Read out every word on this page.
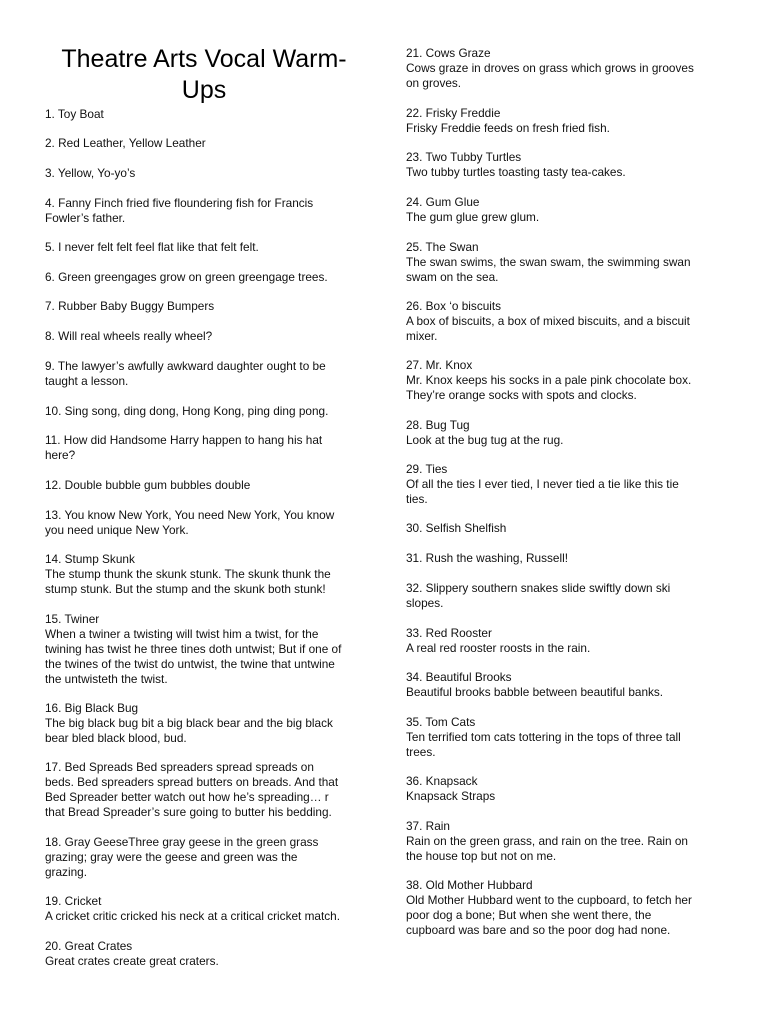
Theatre Arts Vocal Warm-Ups
1. Toy Boat
2. Red Leather, Yellow Leather
3. Yellow, Yo-yo’s
4. Fanny Finch fried five floundering fish for Francis
Fowler’s father.
5. I never felt felt feel flat like that felt felt.
6. Green greengages grow on green greengage trees.
7. Rubber Baby Buggy Bumpers
8. Will real wheels really wheel?
9. The lawyer’s awfully awkward daughter ought to be
taught a lesson.
10. Sing song, ding dong, Hong Kong, ping ding pong.
11. How did Handsome Harry happen to hang his hat
here?
12. Double bubble gum bubbles double
13. You know New York, You need New York, You know
you need unique New York.
14. Stump Skunk
The stump thunk the skunk stunk. The skunk thunk the
stump stunk. But the stump and the skunk both stunk!
15. Twiner
When a twiner a twisting will twist him a twist, for the
twining has twist he three tines doth untwist; But if one of
the twines of the twist do untwist, the twine that untwine
the untwisteth the twist.
16. Big Black Bug
The big black bug bit a big black bear and the big black
bear bled black blood, bud.
17. Bed Spreads Bed spreaders spread spreads on
beds. Bed spreaders spread butters on breads. And that
Bed Spreader better watch out how he’s spreading… r
that Bread Spreader’s sure going to butter his bedding.
18. Gray GeeseThree gray geese in the green grass
grazing; gray were the geese and green was the
grazing.
19. Cricket
A cricket critic cricked his neck at a critical cricket match.
20. Great Crates
Great crates create great craters.
21. Cows Graze
Cows graze in droves on grass which grows in grooves
on groves.
22. Frisky Freddie
Frisky Freddie feeds on fresh fried fish.
23. Two Tubby Turtles
Two tubby turtles toasting tasty tea-cakes.
24. Gum Glue
The gum glue grew glum.
25. The Swan
The swan swims, the swan swam, the swimming swan
swam on the sea.
26. Box ‘o biscuits
A box of biscuits, a box of mixed biscuits, and a biscuit
mixer.
27. Mr. Knox
Mr. Knox keeps his socks in a pale pink chocolate box.
They’re orange socks with spots and clocks.
28. Bug Tug
Look at the bug tug at the rug.
29. Ties
Of all the ties I ever tied, I never tied a tie like this tie
ties.
30. Selfish Shelfish
31. Rush the washing, Russell!
32. Slippery southern snakes slide swiftly down ski
slopes.
33. Red Rooster
A real red rooster roosts in the rain.
34. Beautiful Brooks
Beautiful brooks babble between beautiful banks.
35. Tom Cats
Ten terrified tom cats tottering in the tops of three tall
trees.
36. Knapsack
Knapsack Straps
37. Rain
Rain on the green grass, and rain on the tree. Rain on
the house top but not on me.
38. Old Mother Hubbard
Old Mother Hubbard went to the cupboard, to fetch her
poor dog a bone; But when she went there, the
cupboard was bare and so the poor dog had none.
